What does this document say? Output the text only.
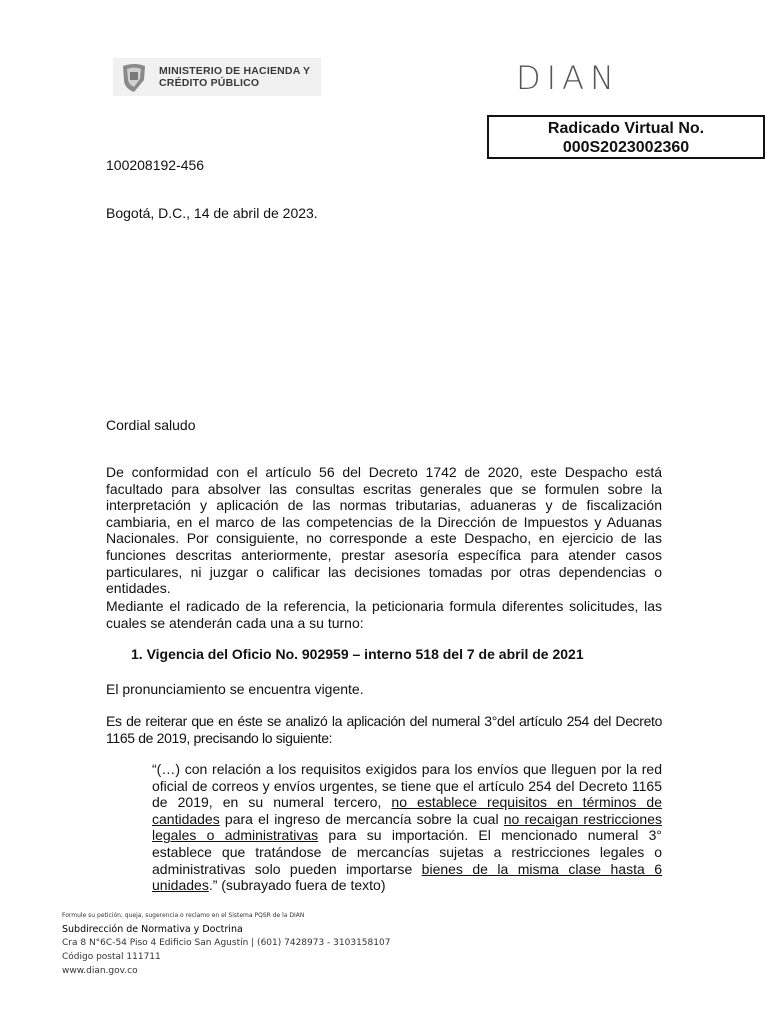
MINISTERIO DE HACIENDA Y
CRÉDITO PÚBLICO	DIAN
Radicado Virtual No.
000S2023002360
100208192-456
Bogotá, D.C., 14 de abril de 2023.
Cordial saludo
De conformidad con el artículo 56 del Decreto 1742 de 2020, este Despacho está facultado para absolver las consultas escritas generales que se formulen sobre la interpretación y aplicación de las normas tributarias, aduaneras y de fiscalización cambiaria, en el marco de las competencias de la Dirección de Impuestos y Aduanas Nacionales. Por consiguiente, no corresponde a este Despacho, en ejercicio de las funciones descritas anteriormente, prestar asesoría específica para atender casos particulares, ni juzgar o calificar las decisiones tomadas por otras dependencias o entidades.
Mediante el radicado de la referencia, la peticionaria formula diferentes solicitudes, las cuales se atenderán cada una a su turno:
1. Vigencia del Oficio No. 902959 – interno 518 del 7 de abril de 2021
El pronunciamiento se encuentra vigente.
Es de reiterar que en éste se analizó la aplicación del numeral 3°del artículo 254 del Decreto 1165 de 2019, precisando lo siguiente:
“(…) con relación a los requisitos exigidos para los envíos que lleguen por la red oficial de correos y envíos urgentes, se tiene que el artículo 254 del Decreto 1165 de 2019, en su numeral tercero, no establece requisitos en términos de cantidades para el ingreso de mercancía sobre la cual no recaigan restricciones legales o administrativas para su importación. El mencionado numeral 3° establece que tratándose de mercancías sujetas a restricciones legales o administrativas solo pueden importarse bienes de la misma clase hasta 6 unidades.” (subrayado fuera de texto)
Formule su petición, queja, sugerencia o reclamo en el Sistema PQSR de la DIAN
Subdirección de Normativa y Doctrina
Cra 8 N°6C-54 Piso 4 Edificio San Agustín | (601) 7428973 - 3103158107
Código postal 111711
www.dian.gov.co
